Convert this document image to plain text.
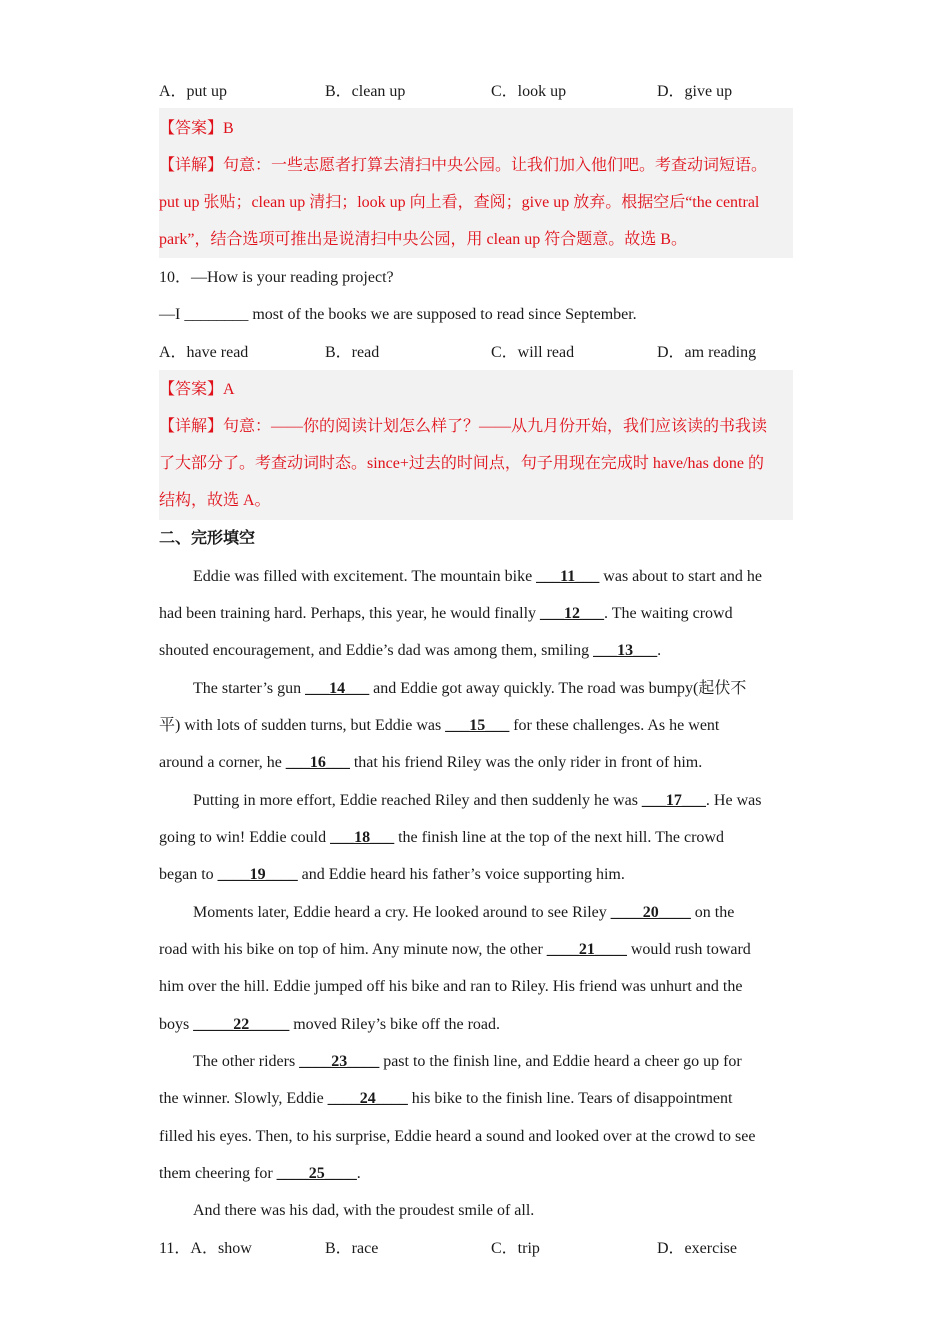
A．put up	B．clean up	C．look up	D．give up
【答案】B
【详解】句意：一些志愿者打算去清扫中央公园。让我们加入他们吧。考查动词短语。
put up 张贴；clean up 清扫；look up 向上看，查阅；give up 放弃。根据空后“the central
park”，结合选项可推出是说清扫中央公园，用 clean up 符合题意。故选 B。
10．—How is your reading project?
—I ________ most of the books we are supposed to read since September.
A．have read	B．read	C．will read	D．am reading
【答案】A
【详解】句意：——你的阅读计划怎么样了？——从九月份开始，我们应该读的书我读
了大部分了。考查动词时态。since+过去的时间点，句子用现在完成时 have/has done 的
结构，故选 A。
二、完形填空
Eddie was filled with excitement. The mountain bike ___11___ was about to start and he
had been training hard. Perhaps, this year, he would finally ___12___. The waiting crowd
shouted encouragement, and Eddie’s dad was among them, smiling ___13___.
The starter’s gun ___14___ and Eddie got away quickly. The road was bumpy(起伏不
平) with lots of sudden turns, but Eddie was ___15___ for these challenges. As he went
around a corner, he ___16___ that his friend Riley was the only rider in front of him.
Putting in more effort, Eddie reached Riley and then suddenly he was ___17___. He was
going to win! Eddie could ___18___ the finish line at the top of the next hill. The crowd
began to ____19____ and Eddie heard his father’s voice supporting him.
Moments later, Eddie heard a cry. He looked around to see Riley ____20____ on the
road with his bike on top of him. Any minute now, the other ____21____ would rush toward
him over the hill. Eddie jumped off his bike and ran to Riley. His friend was unhurt and the
boys _____22_____ moved Riley’s bike off the road.
The other riders ____23____ past to the finish line, and Eddie heard a cheer go up for
the winner. Slowly, Eddie ____24____ his bike to the finish line. Tears of disappointment
filled his eyes. Then, to his surprise, Eddie heard a sound and looked over at the crowd to see
them cheering for ____25____.
And there was his dad, with the proudest smile of all.
11．A．show	B．race	C．trip	D．exercise
